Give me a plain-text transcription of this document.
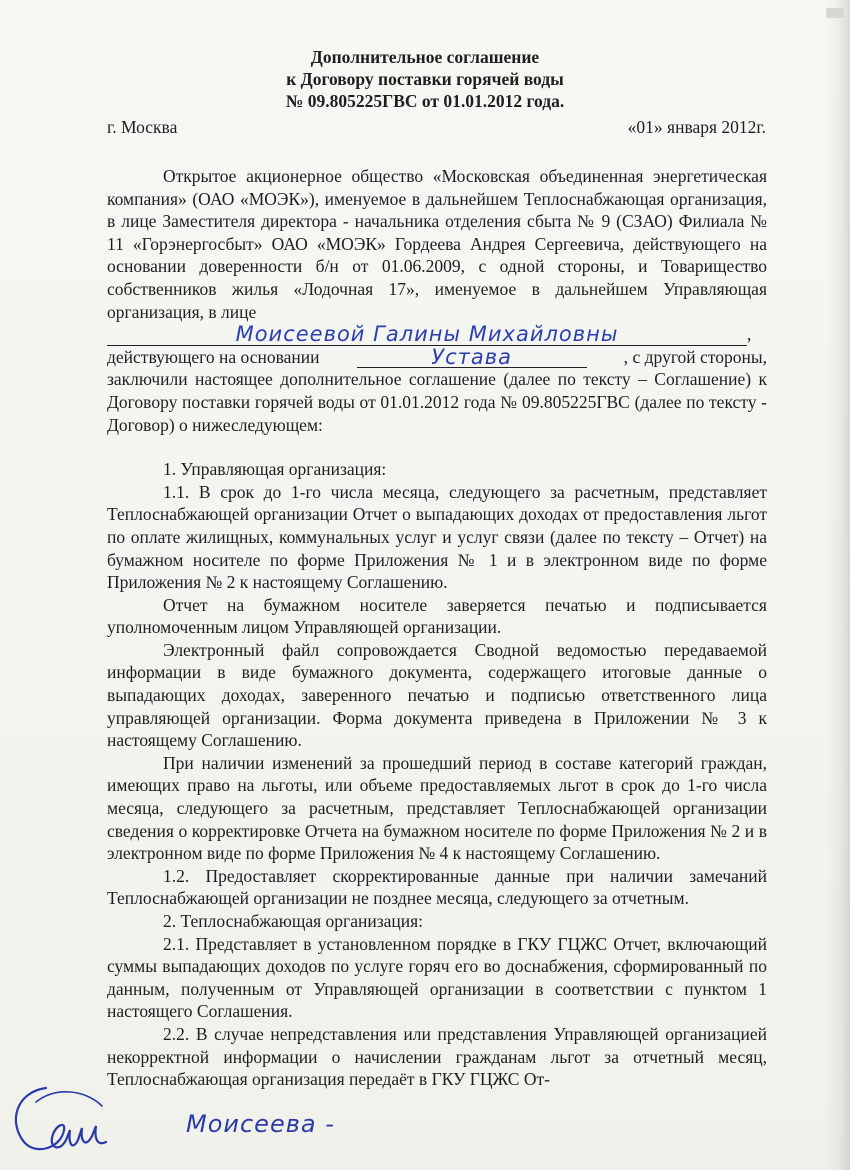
Дополнительное соглашение
к Договору поставки горячей воды
№ 09.805225ГВС от 01.01.2012 года.
г. Москва	«01» января 2012г.

Открытое акционерное общество «Московская объединенная энергетическая компания» (ОАО «МОЭК»), именуемое в дальнейшем Теплоснабжающая организация, в лице Заместителя директора - начальника отделения сбыта № 9 (СЗАО) Филиала № 11 «Горэнергосбыт» ОАО «МОЭК» Гордеева Андрея Сергеевича, действующего на основании доверенности б/н от 01.06.2009, с одной стороны, и Товарищество собственников жилья «Лодочная 17», именуемое в дальнейшем Управляющая организация, в лице

Моисеевой Галины Михайловны	,
действующего на основании	Устава	, с другой стороны,

заключили настоящее дополнительное соглашение (далее по тексту – Соглашение) к Договору поставки горячей воды от 01.01.2012 года № 09.805225ГВС (далее по тексту - Договор) о нижеследующем:

1. Управляющая организация:

1.1. В срок до 1-го числа месяца, следующего за расчетным, представляет Теплоснабжающей организации Отчет о выпадающих доходах от предоставления льгот по оплате жилищных, коммунальных услуг и услуг связи (далее по тексту – Отчет) на бумажном носителе по форме Приложения № 1 и в электронном виде по форме Приложения № 2 к настоящему Соглашению.

Отчет на бумажном носителе заверяется печатью и подписывается уполномоченным лицом Управляющей организации.

Электронный файл сопровождается Сводной ведомостью передаваемой информации в виде бумажного документа, содержащего итоговые данные о выпадающих доходах, заверенного печатью и подписью ответственного лица управляющей организации. Форма документа приведена в Приложении № 3 к настоящему Соглашению.

При наличии изменений за прошедший период в составе категорий граждан, имеющих право на льготы, или объеме предоставляемых льгот в срок до 1-го числа месяца, следующего за расчетным, представляет Теплоснабжающей организации сведения о корректировке Отчета на бумажном носителе по форме Приложения № 2 и в электронном виде по форме Приложения № 4 к настоящему Соглашению.

1.2. Предоставляет скорректированные данные при наличии замечаний Теплоснабжающей организации не позднее месяца, следующего за отчетным.

2. Теплоснабжающая организация:

2.1. Представляет в установленном порядке в ГКУ ГЦЖС Отчет, включающий суммы выпадающих доходов по услуге горяч его во доснабжения, сформированный по данным, полученным от Управляющей организации в соответствии с пунктом 1 настоящего Соглашения.

2.2. В случае непредставления или представления Управляющей организацией некорректной информации о начислении гражданам льгот за отчетный месяц, Теплоснабжающая организация передаёт в ГКУ ГЦЖС От-

Моисеева -
